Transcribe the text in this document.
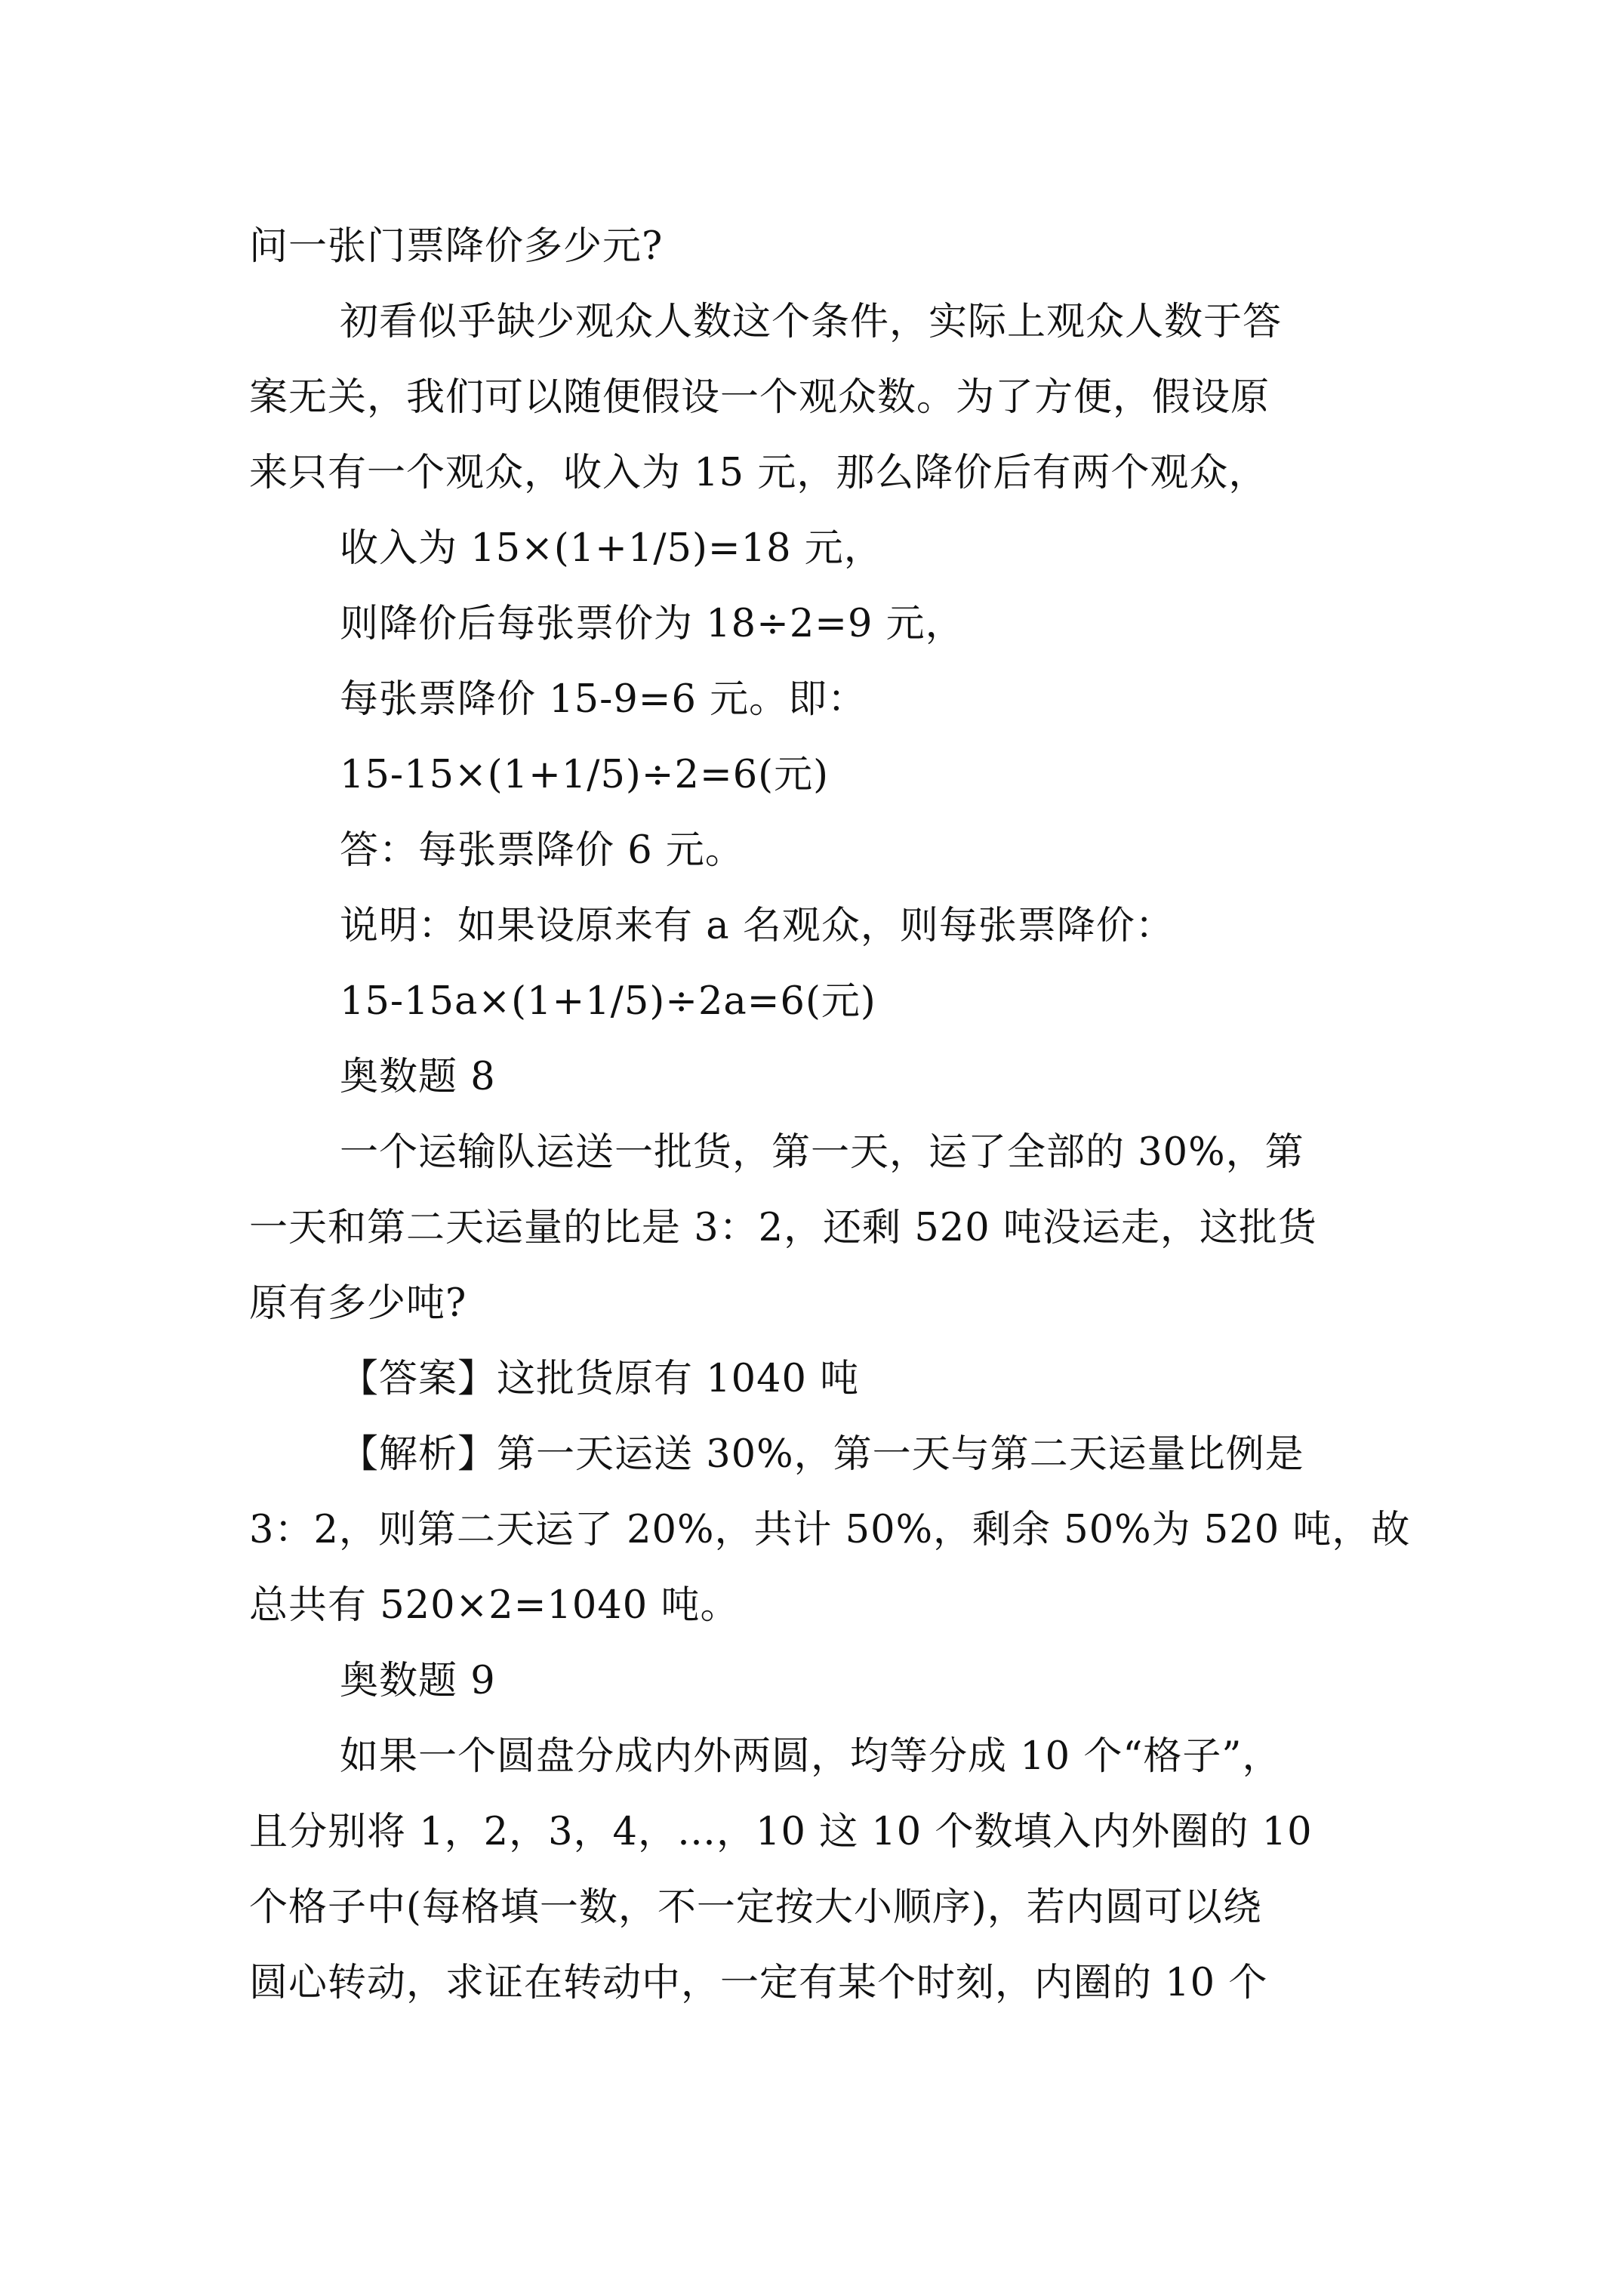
问一张门票降价多少元?
初看似乎缺少观众人数这个条件，实际上观众人数于答
案无关，我们可以随便假设一个观众数。为了方便，假设原
来只有一个观众，收入为 15 元，那么降价后有两个观众，
收入为 15×(1+1/5)=18 元，
则降价后每张票价为 18÷2=9 元，
每张票降价 15-9=6 元。即：
15-15×(1+1/5)÷2=6(元)
答：每张票降价 6 元。
说明：如果设原来有 a 名观众，则每张票降价：
15-15a×(1+1/5)÷2a=6(元)
奥数题 8
一个运输队运送一批货，第一天，运了全部的 30%，第
一天和第二天运量的比是 3：2，还剩 520 吨没运走，这批货
原有多少吨?
【答案】这批货原有 1040 吨
【解析】第一天运送 30%，第一天与第二天运量比例是
3：2，则第二天运了 20%，共计 50%，剩余 50%为 520 吨，故
总共有 520×2=1040 吨。
奥数题 9
如果一个圆盘分成内外两圆，均等分成 10 个“格子”，
且分别将 1，2，3，4，…，10 这 10 个数填入内外圈的 10
个格子中(每格填一数，不一定按大小顺序)，若内圆可以绕
圆心转动，求证在转动中，一定有某个时刻，内圈的 10 个
